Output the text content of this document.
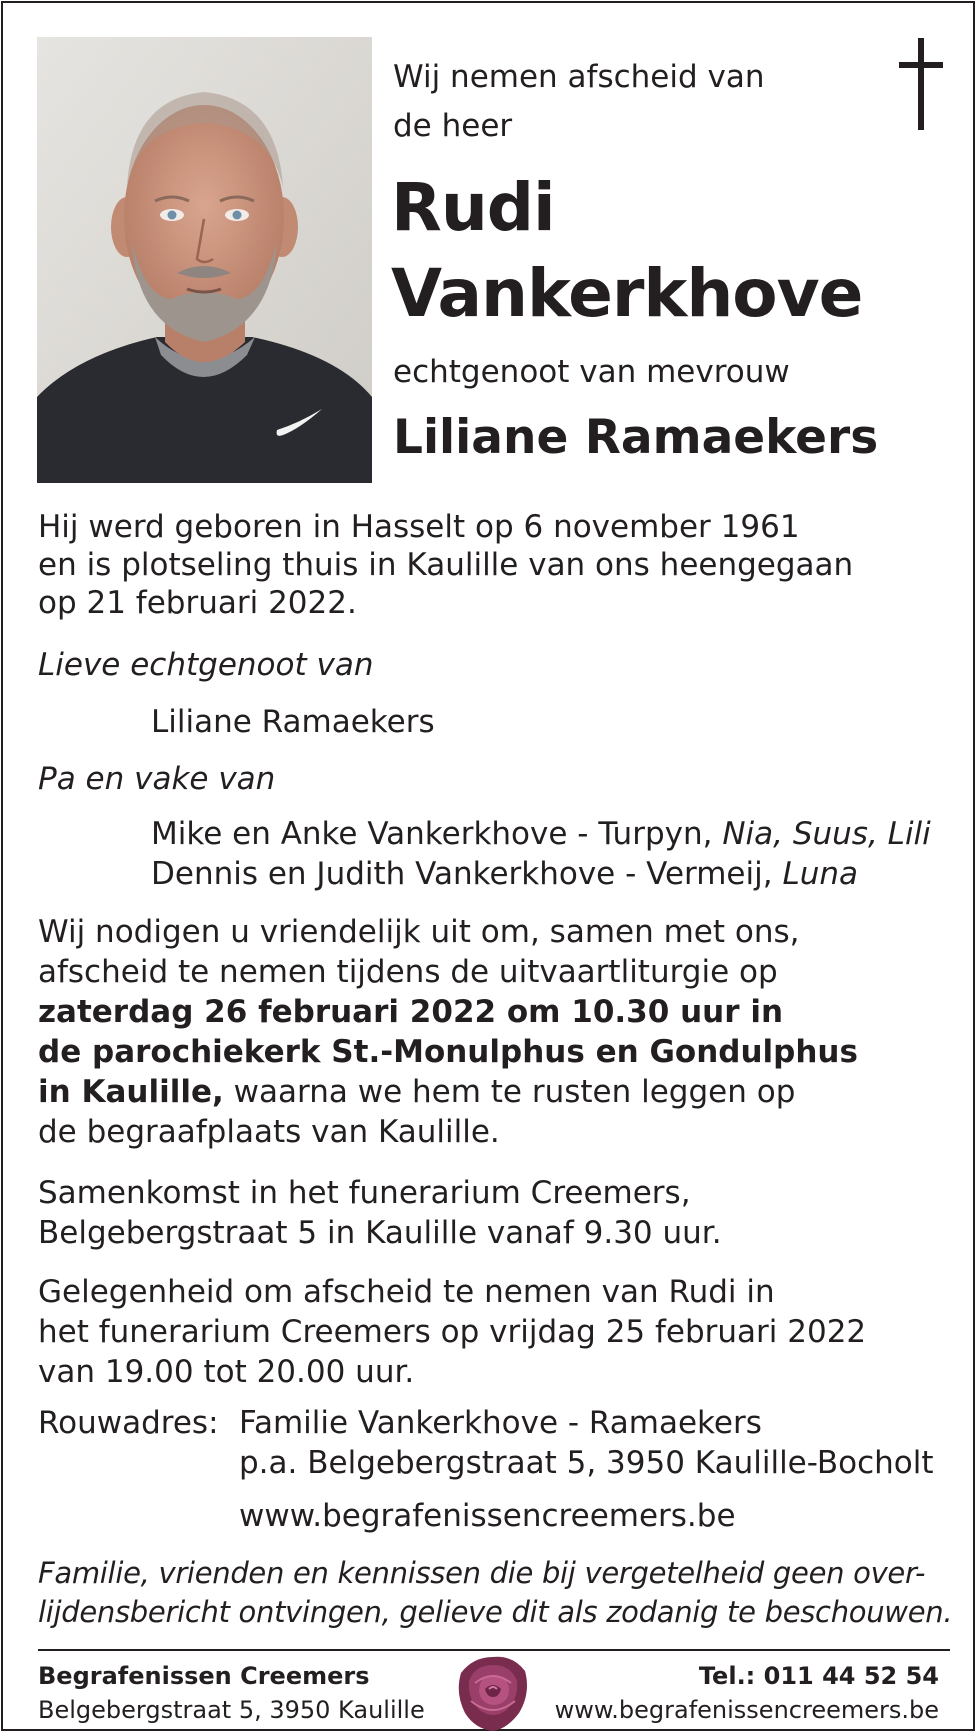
Wij nemen afscheid van
de heer
Rudi
Vankerkhove
echtgenoot van mevrouw
Liliane Ramaekers
Hij werd geboren in Hasselt op 6 november 1961
en is plotseling thuis in Kaulille van ons heengegaan
op 21 februari 2022.
Lieve echtgenoot van
Liliane Ramaekers
Pa en vake van
Mike en Anke Vankerkhove - Turpyn, Nia, Suus, Lili
Dennis en Judith Vankerkhove - Vermeij, Luna
Wij nodigen u vriendelijk uit om, samen met ons,
afscheid te nemen tijdens de uitvaartliturgie op
zaterdag 26 februari 2022 om 10.30 uur in
de parochiekerk St.-Monulphus en Gondulphus
in Kaulille, waarna we hem te rusten leggen op
de begraafplaats van Kaulille.
Samenkomst in het funerarium Creemers,
Belgebergstraat 5 in Kaulille vanaf 9.30 uur.
Gelegenheid om afscheid te nemen van Rudi in
het funerarium Creemers op vrijdag 25 februari 2022
van 19.00 tot 20.00 uur.
Rouwadres: Familie Vankerkhove - Ramaekers
p.a. Belgebergstraat 5, 3950 Kaulille-Bocholt
www.begrafenissencreemers.be
Familie, vrienden en kennissen die bij vergetelheid geen over-
lijdensbericht ontvingen, gelieve dit als zodanig te beschouwen.
Begrafenissen Creemers
Belgebergstraat 5, 3950 Kaulille
Tel.: 011 44 52 54
www.begrafenissencreemers.be
